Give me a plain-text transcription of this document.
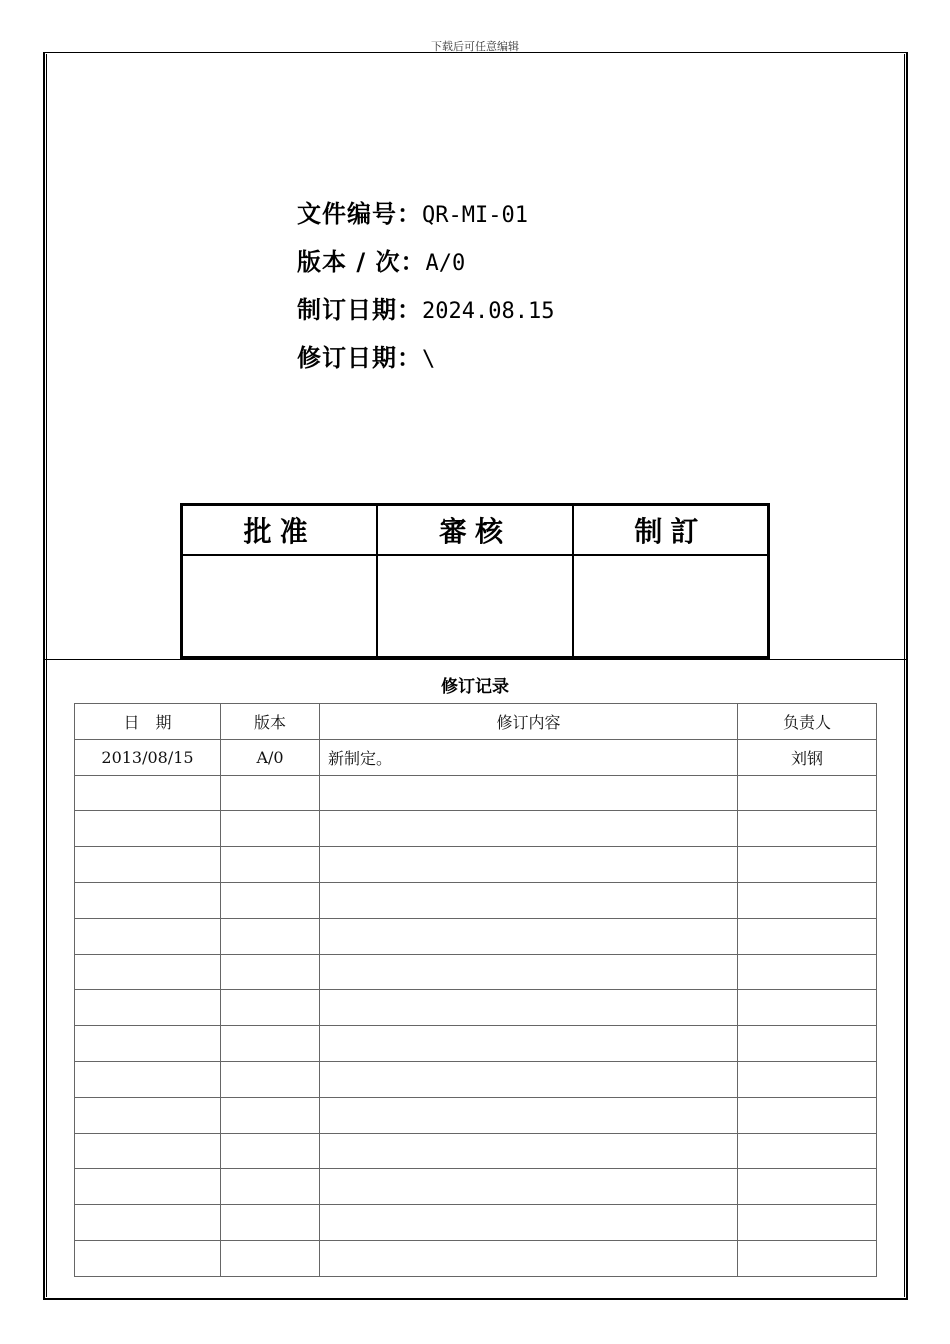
下载后可任意编辑
文件编号：QR-MI-01
版本 / 次：A/0
制订日期：2024.08.15
修订日期：\
批准	審核	制訂

修订记录
日　期	版本	修订内容	负责人
2013/08/15	A/0	新制定。	刘钢
